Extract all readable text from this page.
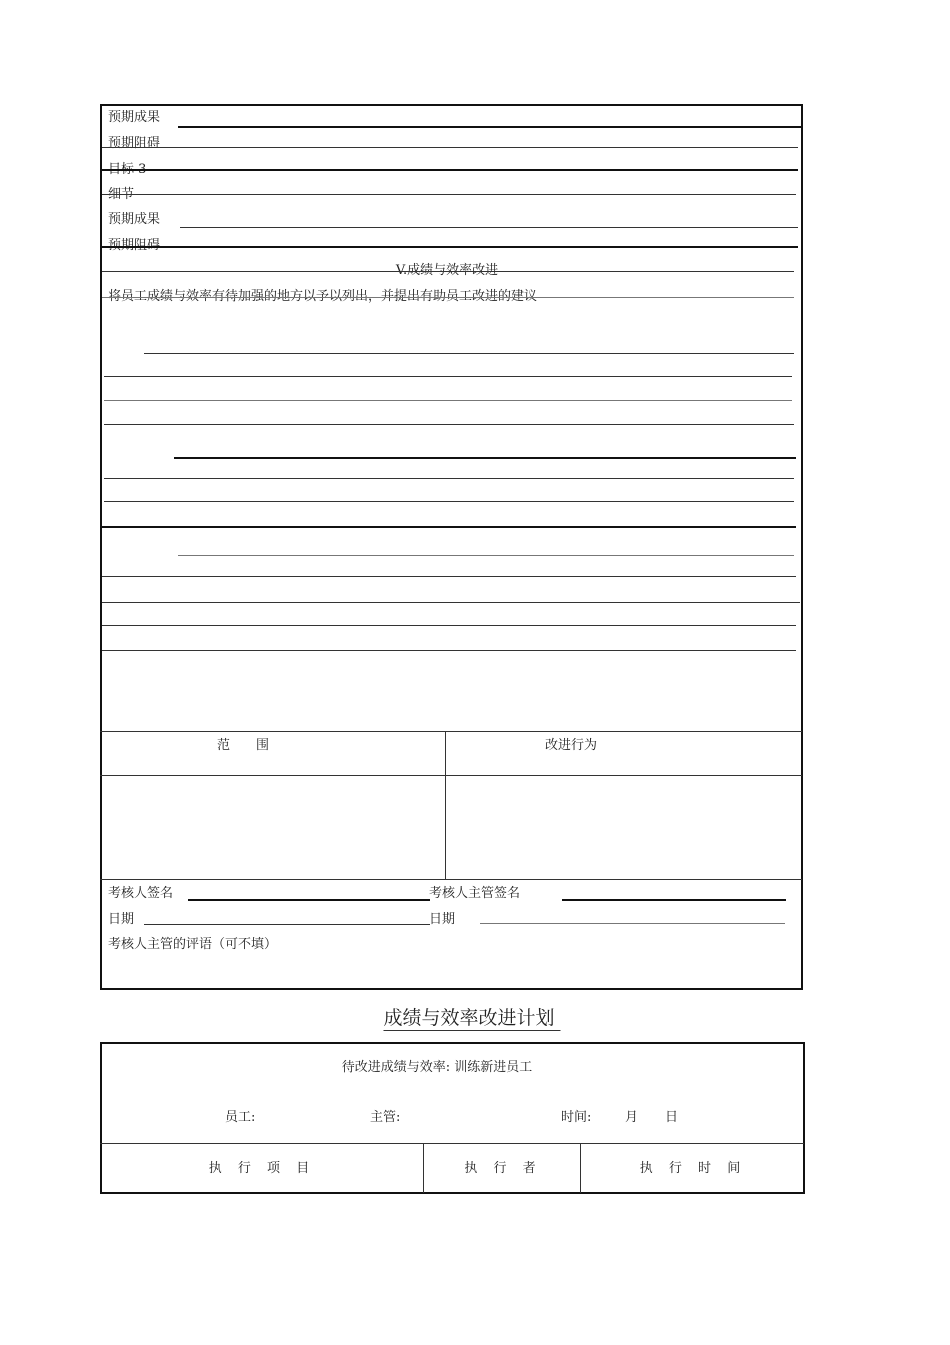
预期成果
预期阻碍
目标 3
细节
预期成果
预期阻碍
V.成绩与效率改进
将员工成绩与效率有待加强的地方以予以列出，并提出有助员工改进的建议
范　　围	改进行为
考核人签名	考核人主管签名
日期	日期
考核人主管的评语（可不填）
成绩与效率改进计划
待改进成绩与效率: 训练新进员工
员工:	主管:	时间:	月 日
执 行 项 目	执 行 者	执 行 时 间
